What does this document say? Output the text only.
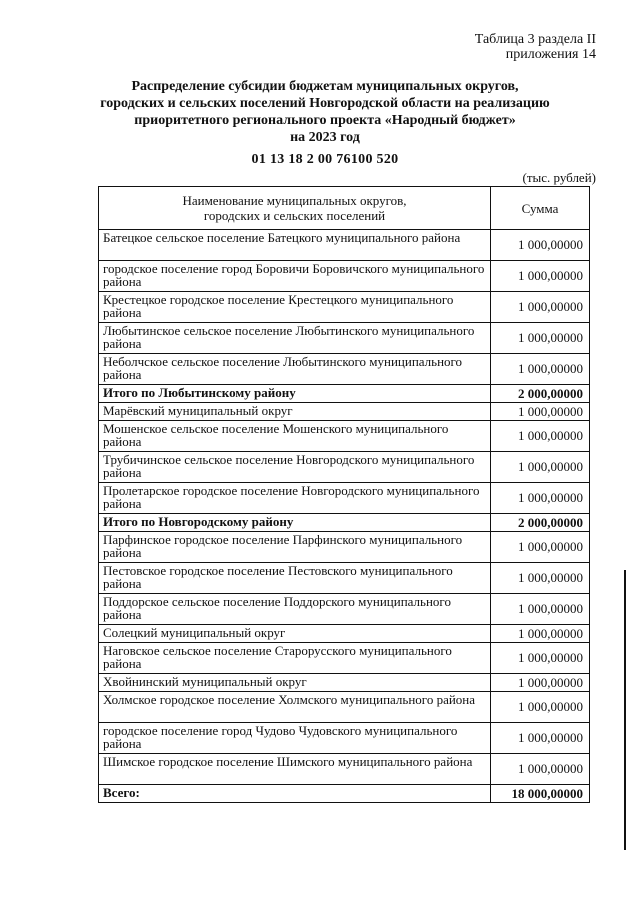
Таблица 3 раздела II
приложения 14
Распределение субсидии бюджетам муниципальных округов,
городских и сельских поселений Новгородской области на реализацию
приоритетного регионального проекта «Народный бюджет»
на 2023 год
01 13 18 2 00 76100 520
(тыс. рублей)
Наименование муниципальных округов,
городских и сельских поселений	Сумма
Батецкое сельское поселение Батецкого муниципального района	1 000,00000
городское поселение город Боровичи Боровичского муниципального района	1 000,00000
Крестецкое городское поселение Крестецкого муниципального района	1 000,00000
Любытинское сельское поселение Любытинского муниципального района	1 000,00000
Неболчское сельское поселение Любытинского муниципального района	1 000,00000
Итого по Любытинскому району	2 000,00000
Марёвский муниципальный округ	1 000,00000
Мошенское сельское поселение Мошенского муниципального района	1 000,00000
Трубичинское сельское поселение Новгородского муниципального района	1 000,00000
Пролетарское городское поселение Новгородского муниципального района	1 000,00000
Итого по Новгородскому району	2 000,00000
Парфинское городское поселение Парфинского муниципального района	1 000,00000
Пестовское городское поселение Пестовского муниципального района	1 000,00000
Поддорское сельское поселение Поддорского муниципального района	1 000,00000
Солецкий муниципальный округ	1 000,00000
Наговское сельское поселение Старорусского муниципального района	1 000,00000
Хвойнинский муниципальный округ	1 000,00000
Холмское городское поселение Холмского муниципального района	1 000,00000
городское поселение город Чудово Чудовского муниципального района	1 000,00000
Шимское городское поселение Шимского муниципального района	1 000,00000
Всего:	18 000,00000
